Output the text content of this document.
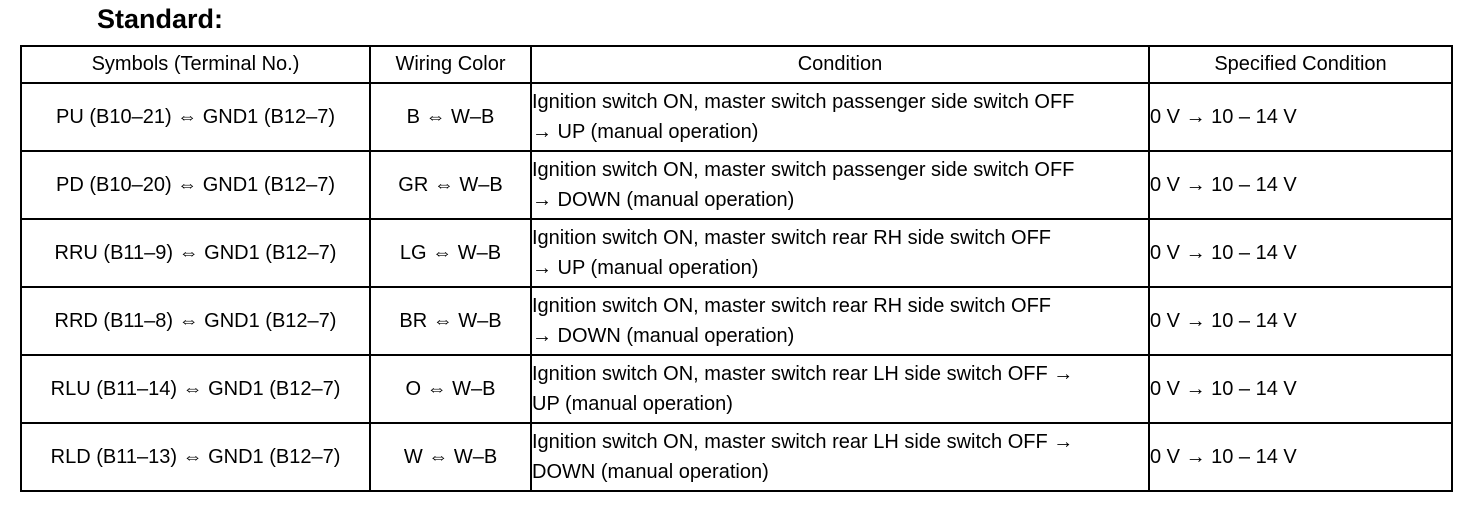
Standard:
Symbols (Terminal No.)	Wiring Color	Condition	Specified Condition
PU (B10–21) ⇔ GND1 (B12–7)	B ⇔ W–B	Ignition switch ON, master switch passenger side switch OFF
→ UP (manual operation)	0 V → 10 – 14 V
PD (B10–20) ⇔ GND1 (B12–7)	GR ⇔ W–B	Ignition switch ON, master switch passenger side switch OFF
→ DOWN (manual operation)	0 V → 10 – 14 V
RRU (B11–9) ⇔ GND1 (B12–7)	LG ⇔ W–B	Ignition switch ON, master switch rear RH side switch OFF
→ UP (manual operation)	0 V → 10 – 14 V
RRD (B11–8) ⇔ GND1 (B12–7)	BR ⇔ W–B	Ignition switch ON, master switch rear RH side switch OFF
→ DOWN (manual operation)	0 V → 10 – 14 V
RLU (B11–14) ⇔ GND1 (B12–7)	O ⇔ W–B	Ignition switch ON, master switch rear LH side switch OFF →
UP (manual operation)	0 V → 10 – 14 V
RLD (B11–13) ⇔ GND1 (B12–7)	W ⇔ W–B	Ignition switch ON, master switch rear LH side switch OFF →
DOWN (manual operation)	0 V → 10 – 14 V
